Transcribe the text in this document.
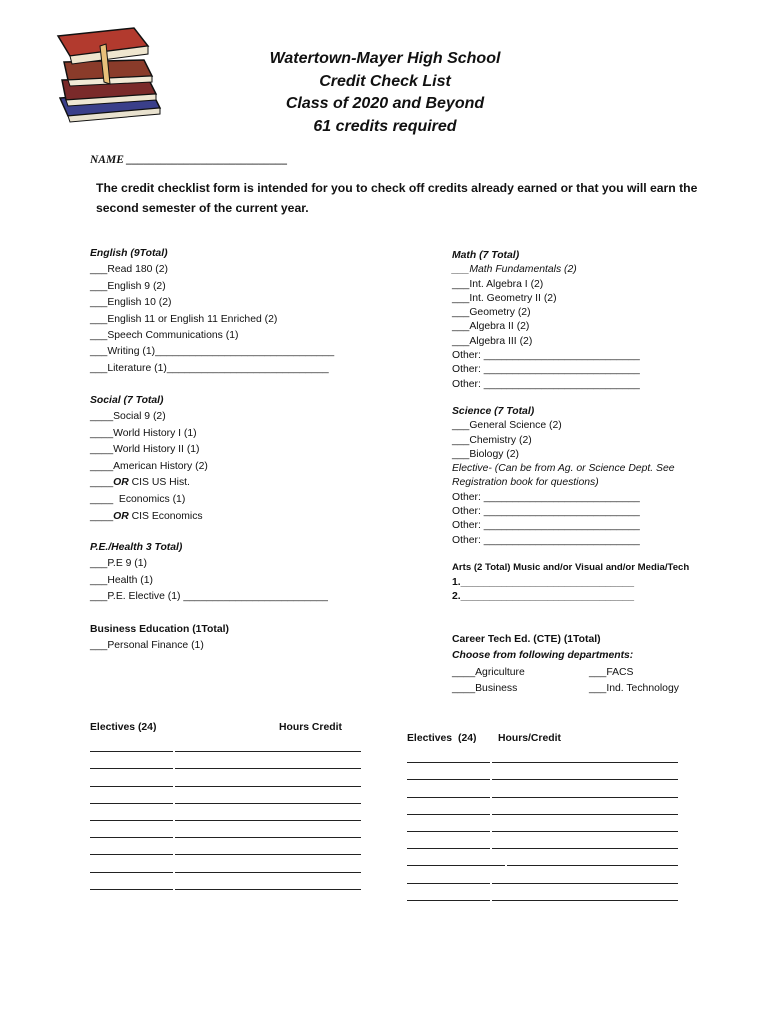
Watertown-Mayer High School
Credit Check List
Class of 2020 and Beyond
61 credits required
NAME ____________________________
The credit checklist form is intended for you to check off credits already earned or that you will earn the second semester of the current year.
English (9Total)
___Read 180 (2)
___English 9 (2)
___English 10 (2)
___English 11 or English 11 Enriched (2)
___Speech Communications (1)
___Writing (1)_______________________________
___Literature (1)____________________________
Social (7 Total)
____Social 9 (2)
____World History I (1)
____World History II (1)
____American History (2)
____OR CIS US Hist.
____  Economics (1)
____OR CIS Economics
P.E./Health 3 Total)
___P.E 9 (1)
___Health (1)
___P.E. Elective (1) _________________________
Business Education (1Total)
___Personal Finance (1)
Math (7 Total)
___Math Fundamentals (2)
___Int. Algebra I (2)
___Int. Geometry II (2)
___Geometry (2)
___Algebra II (2)
___Algebra III (2)
Other: ___________________________
Other: ___________________________
Other: ___________________________
Science (7 Total)
___General Science (2)
___Chemistry (2)
___Biology (2)
Elective- (Can be from Ag. or Science Dept. See Registration book for questions)
Other: ___________________________
Other: ___________________________
Other: ___________________________
Other: ___________________________
Arts (2 Total) Music and/or Visual and/or Media/Tech
1.______________________________
2.______________________________
Career Tech Ed. (CTE) (1Total)
Choose from following departments:
____Agriculture
____Business
___FACS
___Ind. Technology
Electives (24)	Hours Credit
Electives (24) Hours/Credit
